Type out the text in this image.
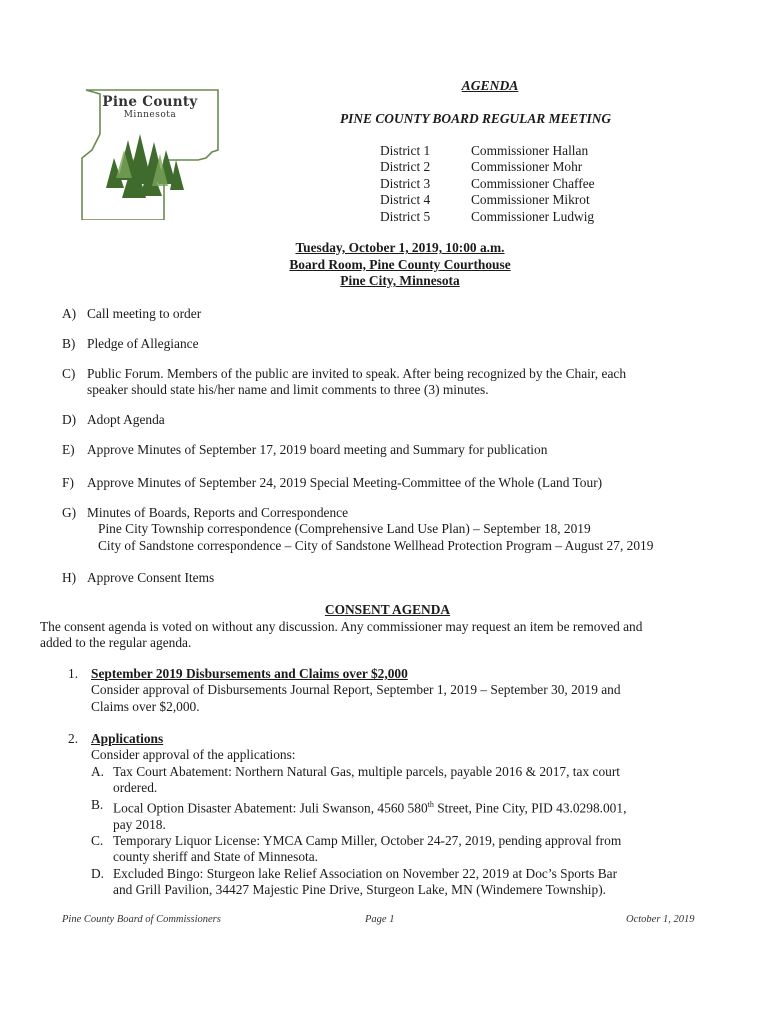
Pine County
Minnesota
AGENDA
PINE COUNTY BOARD REGULAR MEETING
District 1	Commissioner Hallan
District 2	Commissioner Mohr
District 3	Commissioner Chaffee
District 4	Commissioner Mikrot
District 5	Commissioner Ludwig
Tuesday, October 1, 2019, 10:00 a.m.
Board Room, Pine County Courthouse
Pine City, Minnesota
A) Call meeting to order
B) Pledge of Allegiance
C) Public Forum. Members of the public are invited to speak. After being recognized by the Chair, each
speaker should state his/her name and limit comments to three (3) minutes.
D) Adopt Agenda
E) Approve Minutes of September 17, 2019 board meeting and Summary for publication
F) Approve Minutes of September 24, 2019 Special Meeting-Committee of the Whole (Land Tour)
G) Minutes of Boards, Reports and Correspondence
Pine City Township correspondence (Comprehensive Land Use Plan) – September 18, 2019
City of Sandstone correspondence – City of Sandstone Wellhead Protection Program – August 27, 2019
H) Approve Consent Items
CONSENT AGENDA
The consent agenda is voted on without any discussion. Any commissioner may request an item be removed and
added to the regular agenda.
1. September 2019 Disbursements and Claims over $2,000
Consider approval of Disbursements Journal Report, September 1, 2019 – September 30, 2019 and
Claims over $2,000.
2. Applications
Consider approval of the applications:
A. Tax Court Abatement: Northern Natural Gas, multiple parcels, payable 2016 & 2017, tax court
ordered.
B. Local Option Disaster Abatement: Juli Swanson, 4560 580th Street, Pine City, PID 43.0298.001,
pay 2018.
C. Temporary Liquor License: YMCA Camp Miller, October 24-27, 2019, pending approval from
county sheriff and State of Minnesota.
D. Excluded Bingo: Sturgeon lake Relief Association on November 22, 2019 at Doc’s Sports Bar
and Grill Pavilion, 34427 Majestic Pine Drive, Sturgeon Lake, MN (Windemere Township).
Pine County Board of Commissioners	Page 1	October 1, 2019
